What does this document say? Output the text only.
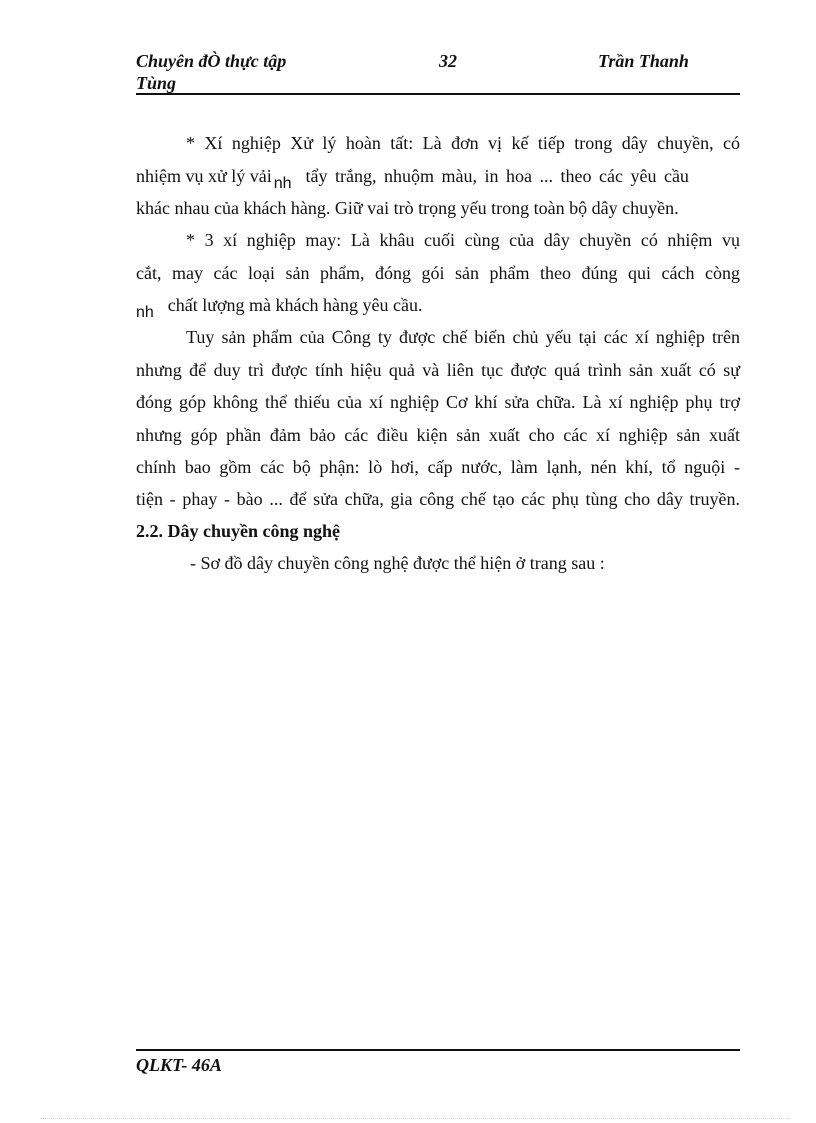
Chuyên đÒ thực tập
Tùng
32	Trần Thanh
* Xí nghiệp Xử lý hoàn tất: Là đơn vị kế tiếp trong dây chuyền, có
nhiệm vụ xử lý vải nh tẩy trắng, nhuộm màu, in hoa ... theo các yêu cầu
khác nhau của khách hàng. Giữ vai trò trọng yếu trong toàn bộ dây chuyền.
* 3 xí nghiệp may: Là khâu cuối cùng của dây chuyền có nhiệm vụ
cắt, may các loại sản phẩm, đóng gói sản phẩm theo đúng qui cách còng
nh chất lượng mà khách hàng yêu cầu.
Tuy sản phẩm của Công ty được chế biến chủ yếu tại các xí nghiệp trên
nhưng để duy trì được tính hiệu quả và liên tục được quá trình sản xuất có sự
đóng góp không thể thiếu của xí nghiệp Cơ khí sửa chữa. Là xí nghiệp phụ trợ
nhưng góp phần đảm bảo các điều kiện sản xuất cho các xí nghiệp sản xuất
chính bao gồm các bộ phận: lò hơi, cấp nước, làm lạnh, nén khí, tổ nguội -
tiện - phay - bào ... để sửa chữa, gia công chế tạo các phụ tùng cho dây truyền.
2.2. Dây chuyền công nghệ
- Sơ đồ dây chuyền công nghệ được thể hiện ở trang sau :
QLKT- 46A
